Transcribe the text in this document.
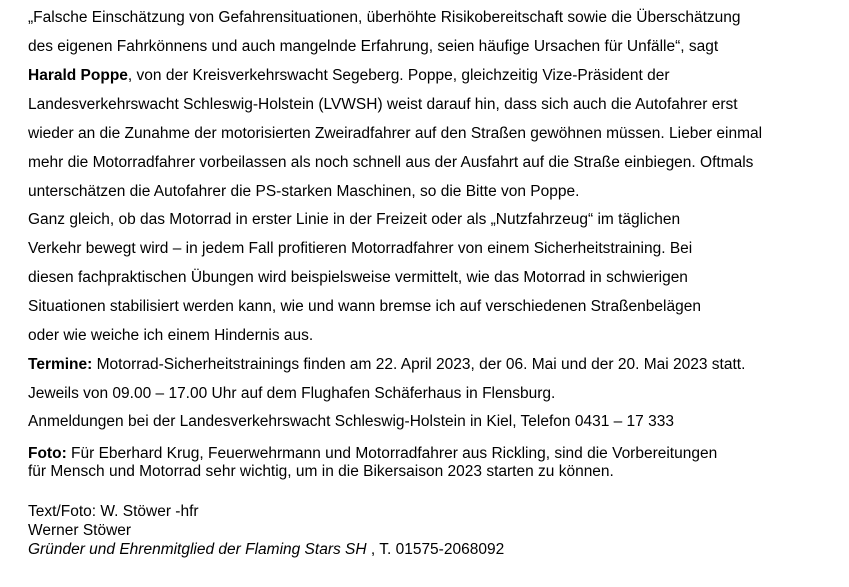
„Falsche Einschätzung von Gefahrensituationen, überhöhte Risikobereitschaft sowie die Überschätzung
des eigenen Fahrkönnens und auch mangelnde Erfahrung, seien häufige Ursachen für Unfälle“, sagt
Harald Poppe, von der Kreisverkehrswacht Segeberg. Poppe, gleichzeitig Vize-Präsident der
Landesverkehrswacht Schleswig-Holstein (LVWSH) weist darauf hin, dass sich auch die Autofahrer erst
wieder an die Zunahme der motorisierten Zweiradfahrer auf den Straßen gewöhnen müssen. Lieber einmal
mehr die Motorradfahrer vorbeilassen als noch schnell aus der Ausfahrt auf die Straße einbiegen. Oftmals
unterschätzen die Autofahrer die PS-starken Maschinen, so die Bitte von Poppe.
Ganz gleich, ob das Motorrad in erster Linie in der Freizeit oder als „Nutzfahrzeug“ im täglichen
Verkehr bewegt wird – in jedem Fall profitieren Motorradfahrer von einem Sicherheitstraining. Bei
diesen fachpraktischen Übungen wird beispielsweise vermittelt, wie das Motorrad in schwierigen
Situationen stabilisiert werden kann, wie und wann bremse ich auf verschiedenen Straßenbelägen
oder wie weiche ich einem Hindernis aus.
Termine: Motorrad-Sicherheitstrainings finden am 22. April 2023, der 06. Mai und der 20. Mai 2023 statt.
Jeweils von 09.00 – 17.00 Uhr auf dem Flughafen Schäferhaus in Flensburg.
Anmeldungen bei der Landesverkehrswacht Schleswig-Holstein in Kiel, Telefon 0431 – 17 333
Foto: Für Eberhard Krug, Feuerwehrmann und Motorradfahrer aus Rickling, sind die Vorbereitungen
für Mensch und Motorrad sehr wichtig, um in die Bikersaison 2023 starten zu können.
Text/Foto: W. Stöwer -hfr
Werner Stöwer
Gründer und Ehrenmitglied der Flaming Stars SH , T. 01575-2068092
